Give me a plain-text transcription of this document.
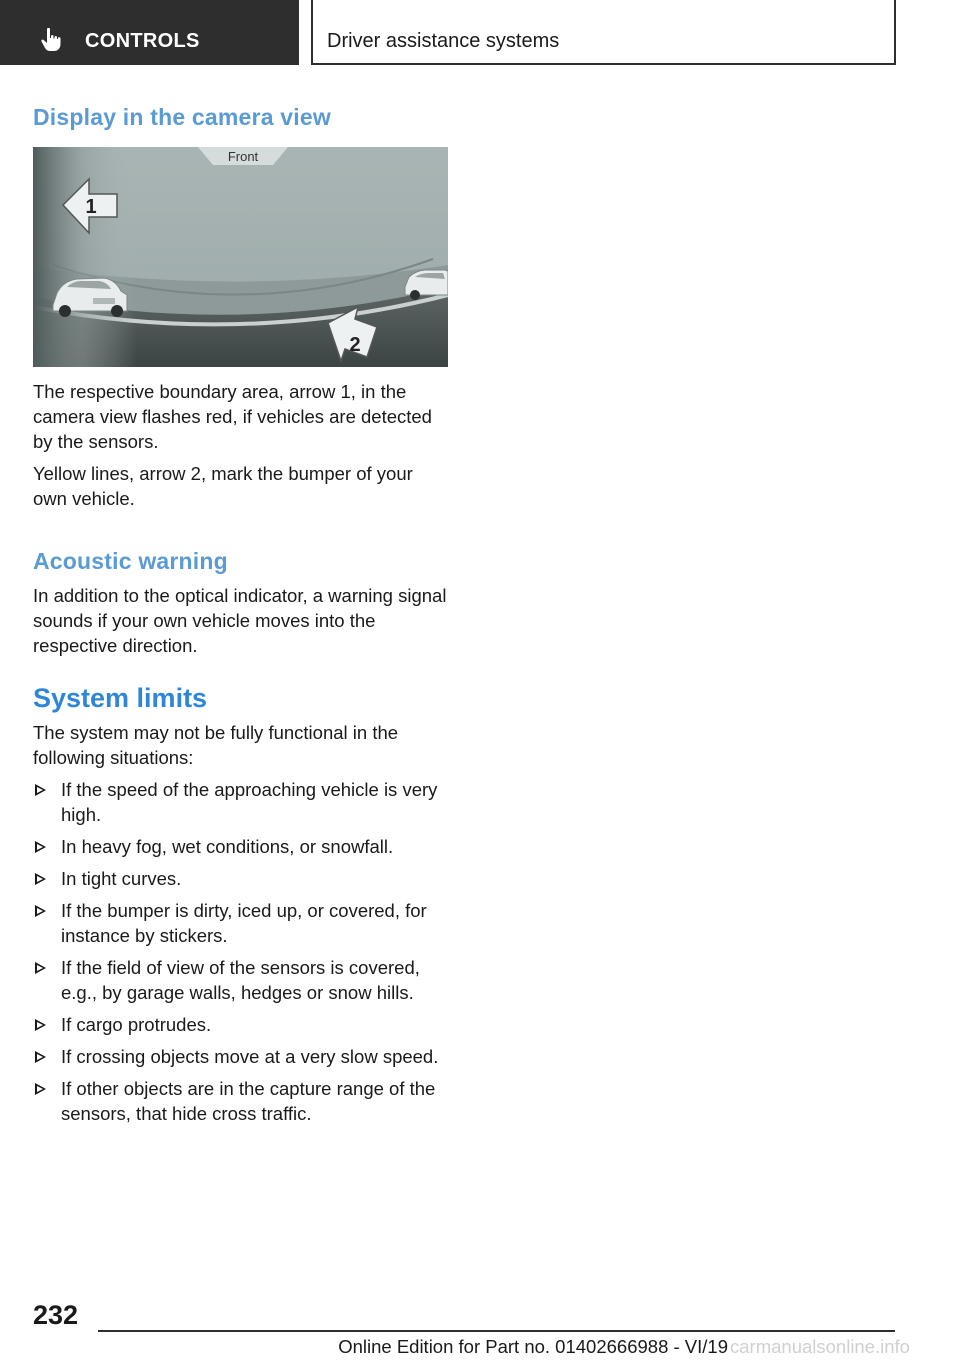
CONTROLS	Driver assistance systems
Display in the camera view
Front
1
2

The respective boundary area, arrow 1, in the camera view flashes red, if vehicles are detected by the sensors.

Yellow lines, arrow 2, mark the bumper of your own vehicle.

Acoustic warning

In addition to the optical indicator, a warning signal sounds if your own vehicle moves into the respective direction.

System limits

The system may not be fully functional in the following situations:

If the speed of the approaching vehicle is very high.
In heavy fog, wet conditions, or snowfall.
In tight curves.
If the bumper is dirty, iced up, or covered, for instance by stickers.
If the field of view of the sensors is covered, e.g., by garage walls, hedges or snow hills.
If cargo protrudes.
If crossing objects move at a very slow speed.
If other objects are in the capture range of the sensors, that hide cross traffic.
232
Online Edition for Part no. 01402666988 - VI/19 carmanualsonline.info
